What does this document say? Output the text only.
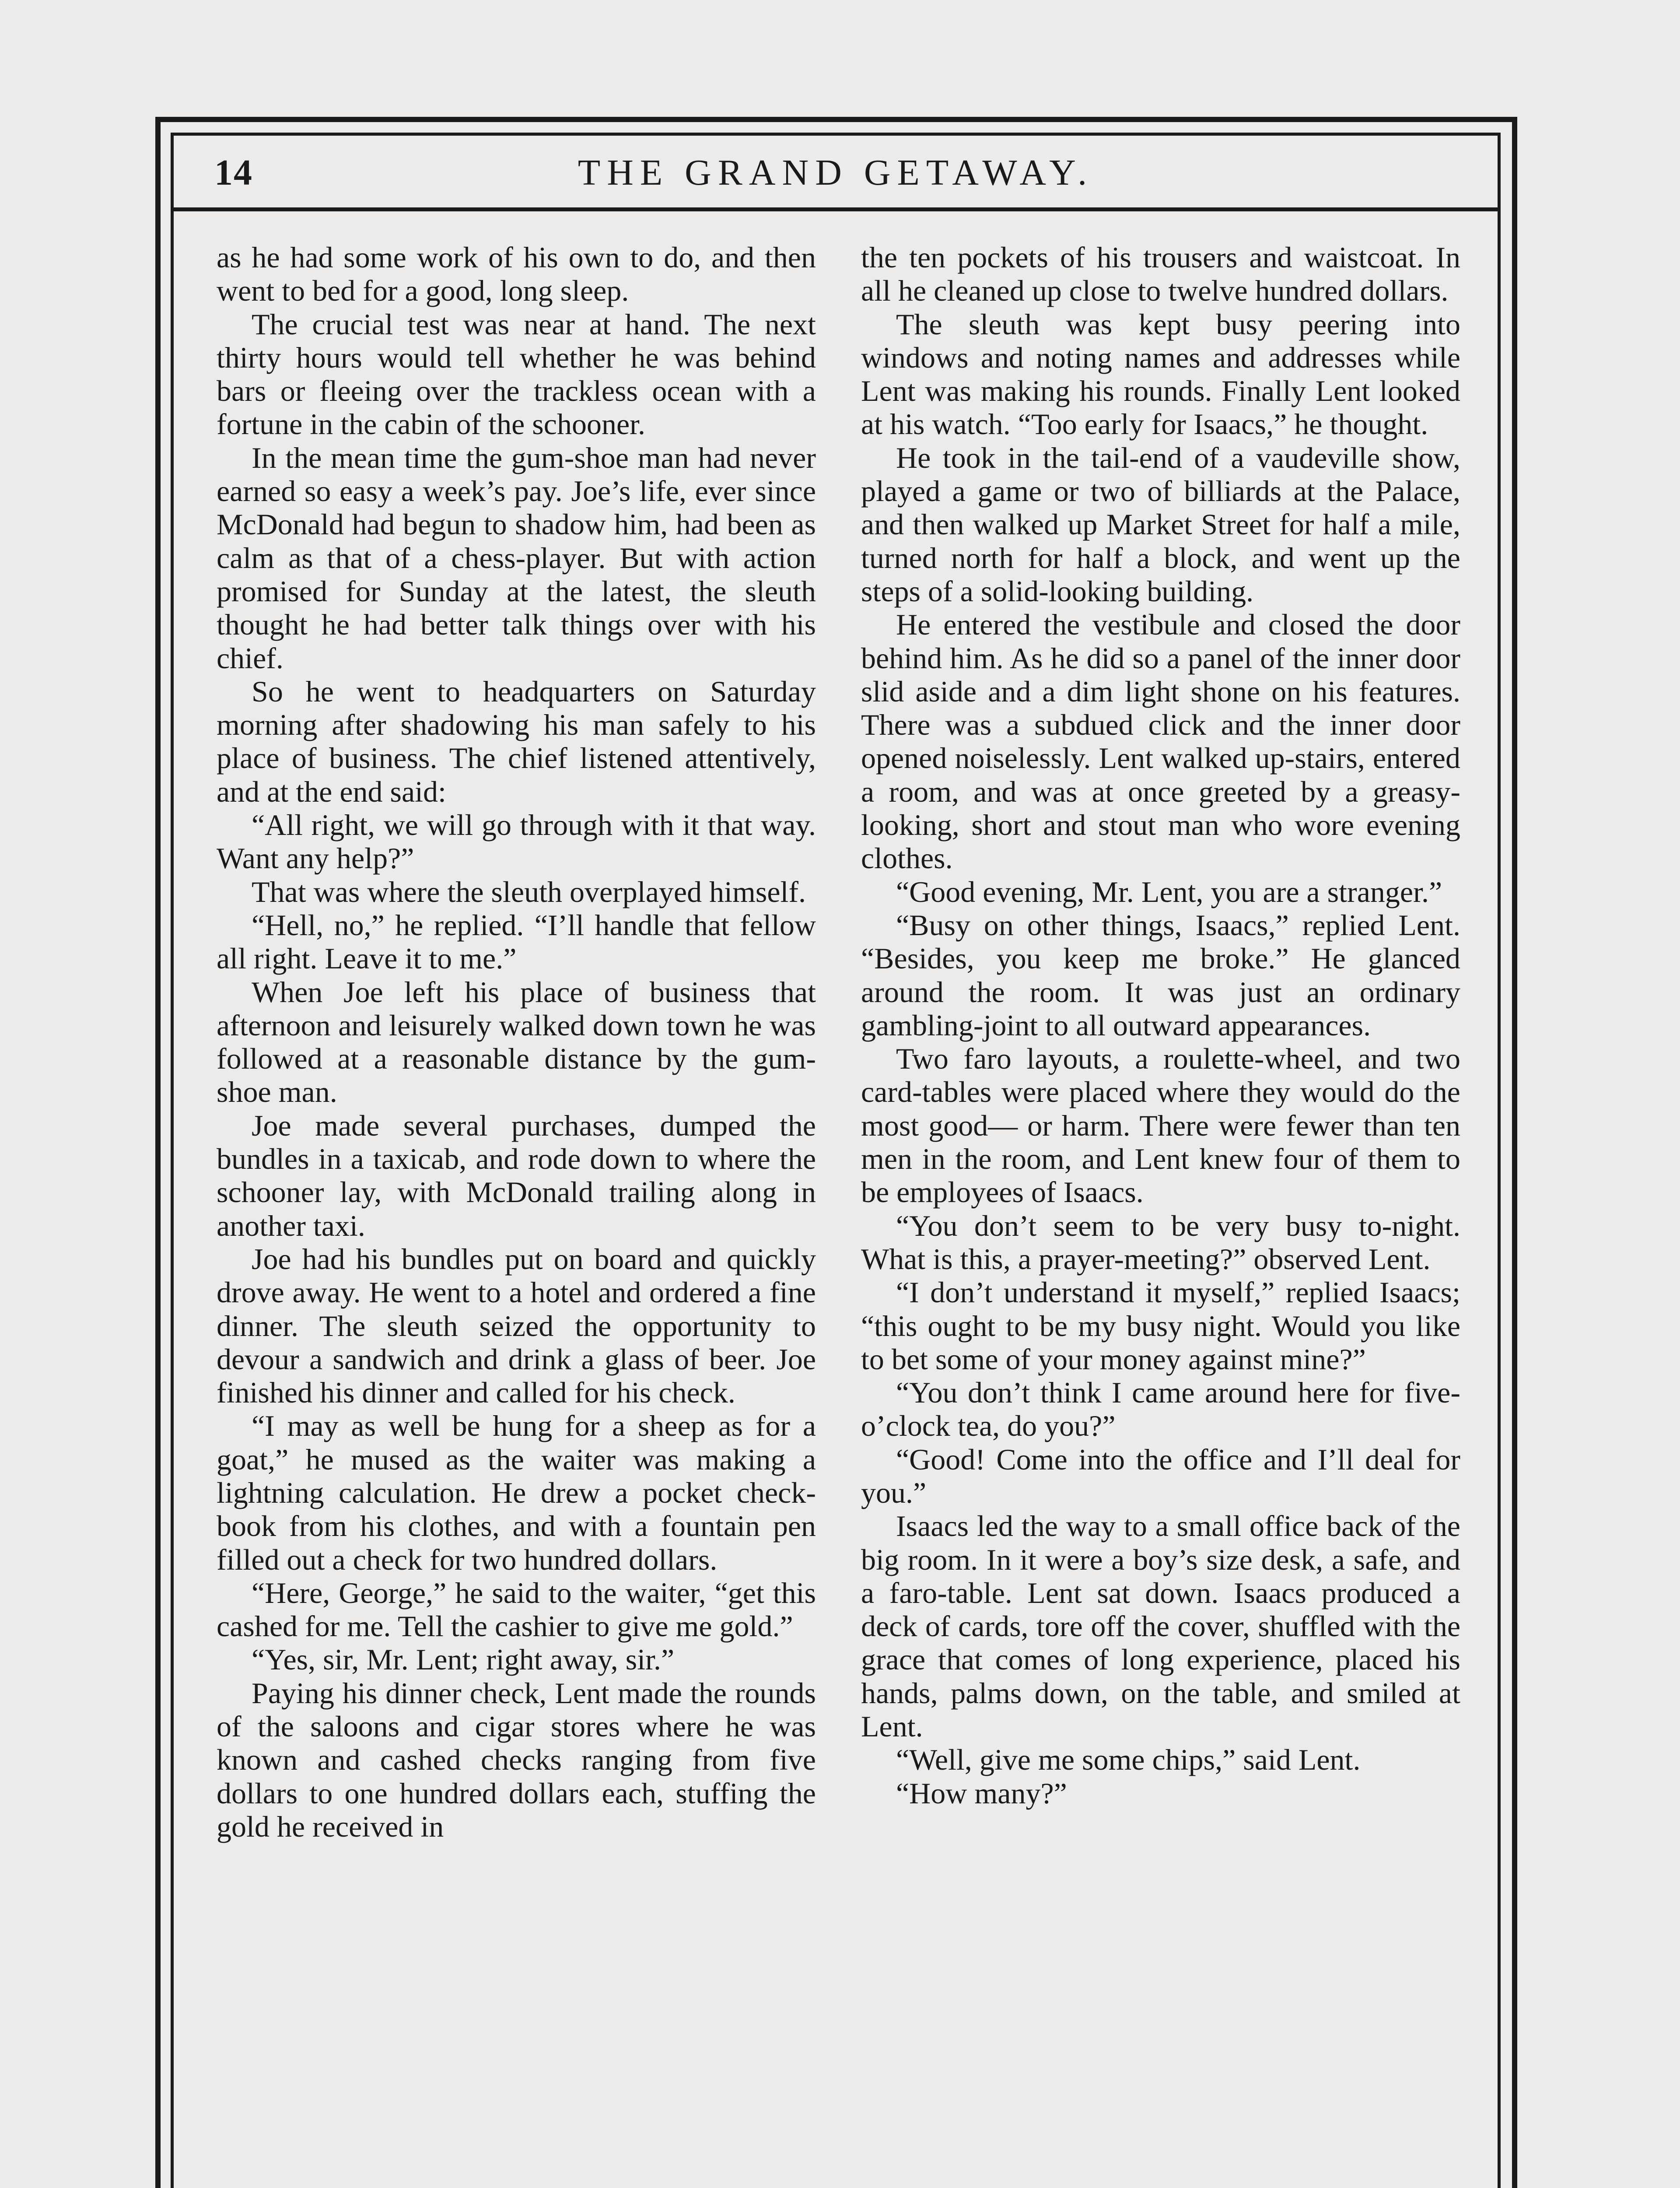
14	THE GRAND GETAWAY.

as he had some work of his own to do, and then went to bed for a good, long sleep.

The crucial test was near at hand. The next thirty hours would tell whether he was behind bars or fleeing over the trackless ocean with a fortune in the cabin of the schooner.

In the mean time the gum-shoe man had never earned so easy a week’s pay. Joe’s life, ever since McDonald had begun to shadow him, had been as calm as that of a chess-player. But with action promised for Sunday at the latest, the sleuth thought he had better talk things over with his chief.

So he went to headquarters on Saturday morning after shadowing his man safely to his place of business. The chief listened attentively, and at the end said:

“All right, we will go through with it that way. Want any help?”

That was where the sleuth overplayed himself.

“Hell, no,” he replied. “I’ll handle that fellow all right. Leave it to me.”

When Joe left his place of business that afternoon and leisurely walked down town he was followed at a reasonable distance by the gum-shoe man.

Joe made several purchases, dumped the bundles in a taxicab, and rode down to where the schooner lay, with McDonald trailing along in another taxi.

Joe had his bundles put on board and quickly drove away. He went to a hotel and ordered a fine dinner. The sleuth seized the opportunity to devour a sandwich and drink a glass of beer. Joe finished his dinner and called for his check.

“I may as well be hung for a sheep as for a goat,” he mused as the waiter was making a lightning calculation. He drew a pocket check-book from his clothes, and with a fountain pen filled out a check for two hundred dollars.

“Here, George,” he said to the waiter, “get this cashed for me. Tell the cashier to give me gold.”

“Yes, sir, Mr. Lent; right away, sir.”

Paying his dinner check, Lent made the rounds of the saloons and cigar stores where he was known and cashed checks ranging from five dollars to one hundred dollars each, stuffing the gold he received in

the ten pockets of his trousers and waistcoat. In all he cleaned up close to twelve hundred dollars.

The sleuth was kept busy peering into windows and noting names and addresses while Lent was making his rounds. Finally Lent looked at his watch. “Too early for Isaacs,” he thought.

He took in the tail-end of a vaudeville show, played a game or two of billiards at the Palace, and then walked up Market Street for half a mile, turned north for half a block, and went up the steps of a solid-looking building.

He entered the vestibule and closed the door behind him. As he did so a panel of the inner door slid aside and a dim light shone on his features. There was a subdued click and the inner door opened noiselessly. Lent walked up-stairs, entered a room, and was at once greeted by a greasy-looking, short and stout man who wore evening clothes.

“Good evening, Mr. Lent, you are a stranger.”

“Busy on other things, Isaacs,” replied Lent. “Besides, you keep me broke.” He glanced around the room. It was just an ordinary gambling-joint to all outward appearances.

Two faro layouts, a roulette-wheel, and two card-tables were placed where they would do the most good— or harm. There were fewer than ten men in the room, and Lent knew four of them to be employees of Isaacs.

“You don’t seem to be very busy to-night. What is this, a prayer-meeting?” observed Lent.

“I don’t understand it myself,” replied Isaacs; “this ought to be my busy night. Would you like to bet some of your money against mine?”

“You don’t think I came around here for five-o’clock tea, do you?”

“Good! Come into the office and I’ll deal for you.”

Isaacs led the way to a small office back of the big room. In it were a boy’s size desk, a safe, and a faro-table. Lent sat down. Isaacs produced a deck of cards, tore off the cover, shuffled with the grace that comes of long experience, placed his hands, palms down, on the table, and smiled at Lent.

“Well, give me some chips,” said Lent.

“How many?”
